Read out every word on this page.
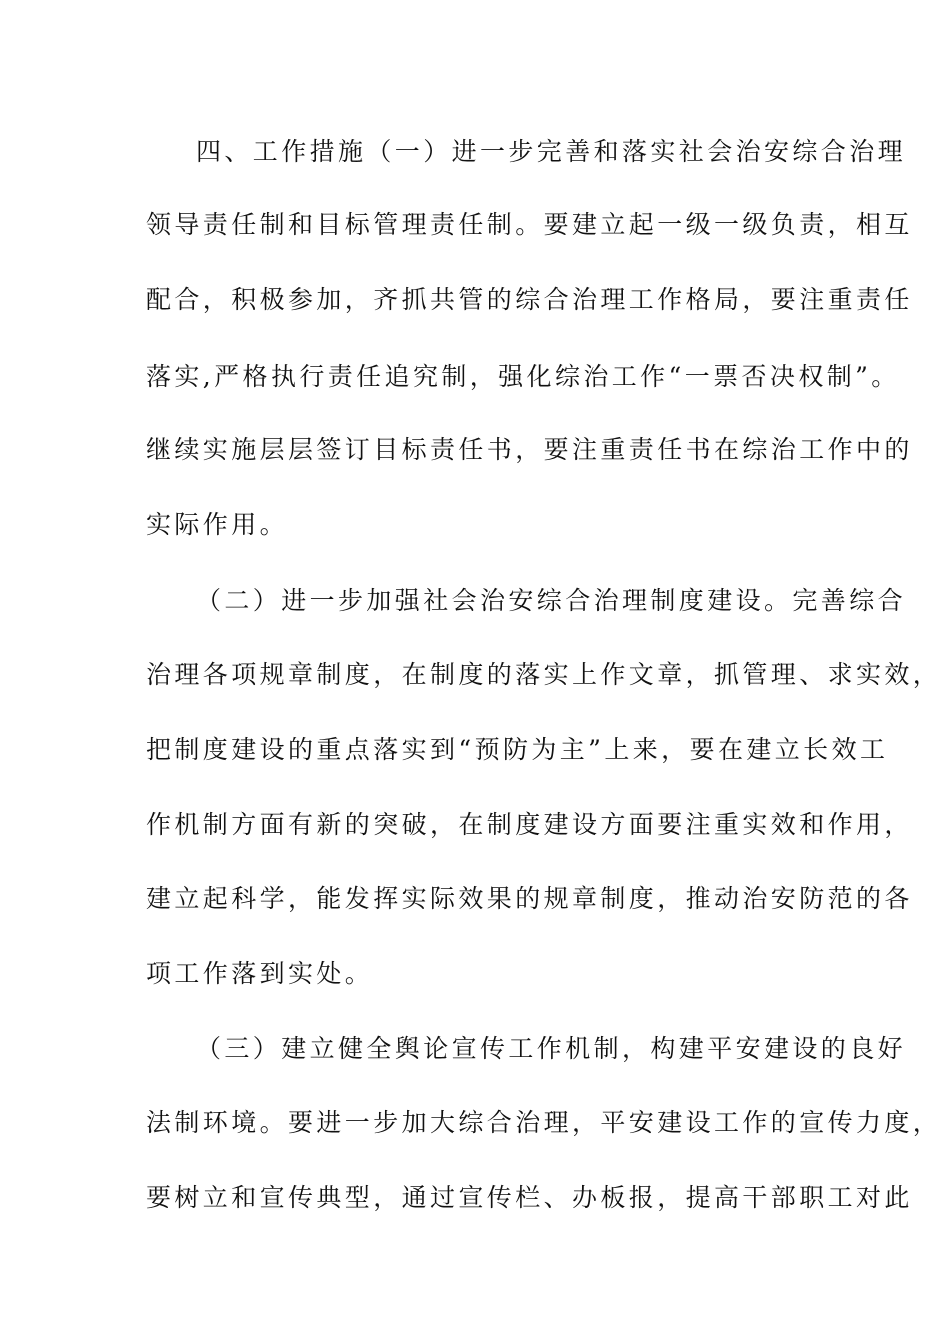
四、工作措施（一）进一步完善和落实社会治安综合治理
领导责任制和目标管理责任制。要建立起一级一级负责，相互
配合，积极参加，齐抓共管的综合治理工作格局，要注重责任
落实,严格执行责任追究制，强化综治工作“一票否决权制”。
继续实施层层签订目标责任书，要注重责任书在综治工作中的
实际作用。
（二）进一步加强社会治安综合治理制度建设。完善综合
治理各项规章制度，在制度的落实上作文章，抓管理、求实效，
把制度建设的重点落实到“预防为主”上来，要在建立长效工
作机制方面有新的突破，在制度建设方面要注重实效和作用，
建立起科学，能发挥实际效果的规章制度，推动治安防范的各
项工作落到实处。
（三）建立健全舆论宣传工作机制，构建平安建设的良好
法制环境。要进一步加大综合治理，平安建设工作的宣传力度，
要树立和宣传典型，通过宣传栏、办板报，提高干部职工对此
